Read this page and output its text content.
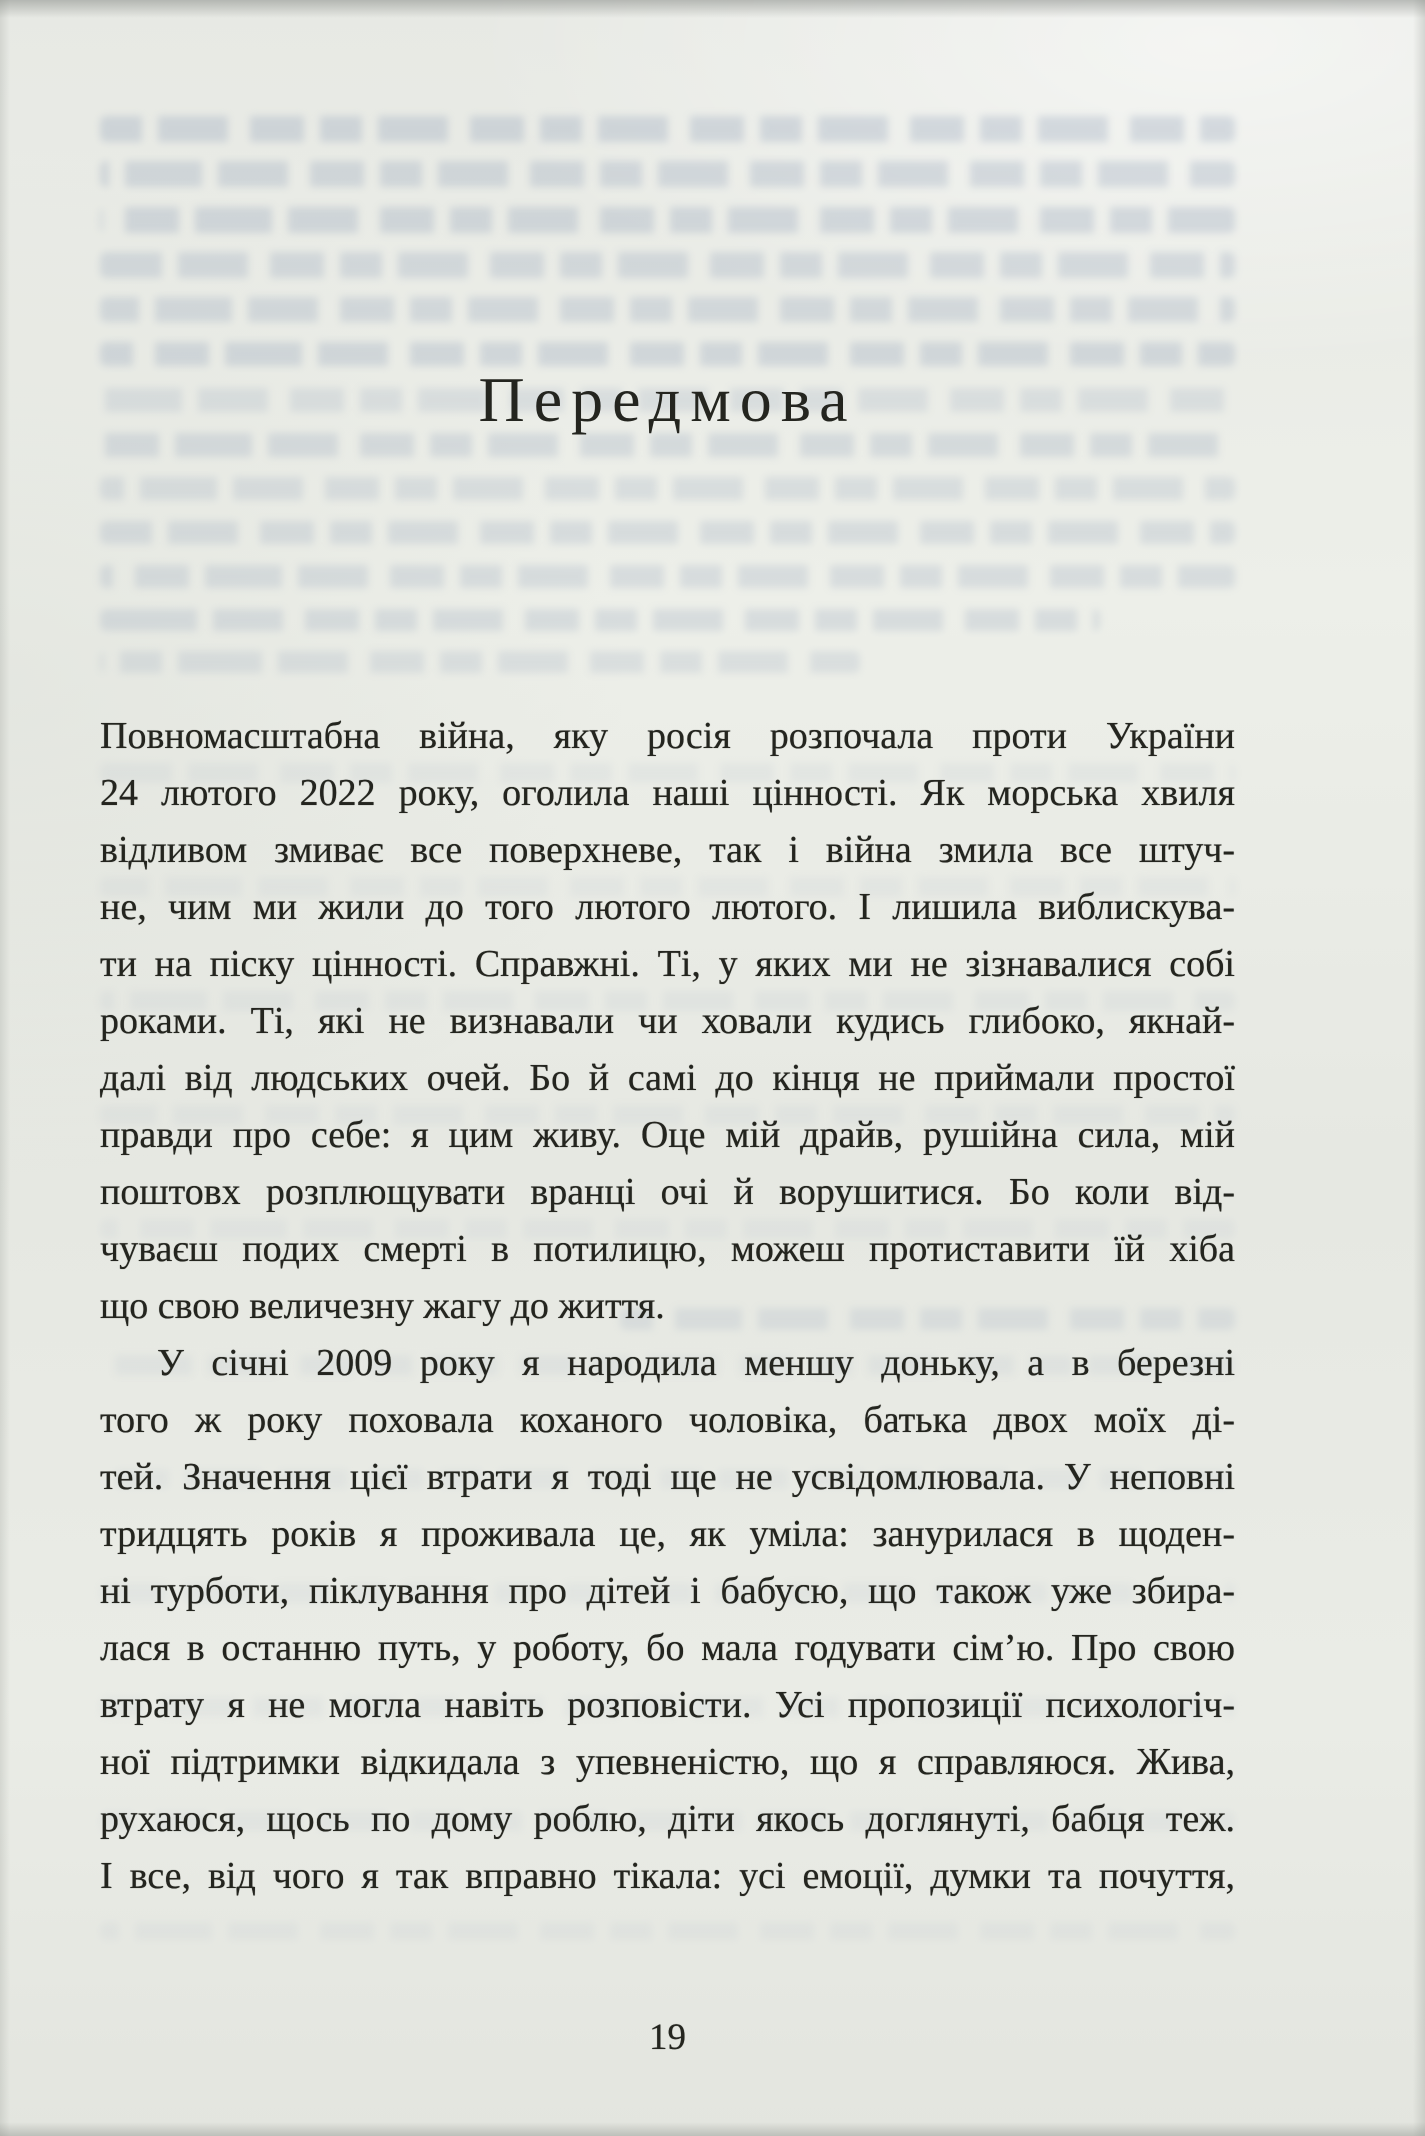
Передмова
Повномасштабна війна, яку росія розпочала проти України
24 лютого 2022 року, оголила наші цінності. Як морська хвиля
відливом змиває все поверхневе, так і війна змила все штуч-
не, чим ми жили до того лютого лютого. І лишила виблискува-
ти на піску цінності. Справжні. Ті, у яких ми не зізнавалися собі
роками. Ті, які не визнавали чи ховали кудись глибоко, якнай-
далі від людських очей. Бо й самі до кінця не приймали простої
правди про себе: я цим живу. Оце мій драйв, рушійна сила, мій
поштовх розплющувати вранці очі й ворушитися. Бо коли від-
чуваєш подих смерті в потилицю, можеш протиставити їй хіба
що свою величезну жагу до життя.
У січні 2009 року я народила меншу доньку, а в березні
того ж року поховала коханого чоловіка, батька двох моїх ді-
тей. Значення цієї втрати я тоді ще не усвідомлювала. У неповні
тридцять років я проживала це, як уміла: занурилася в щоден-
ні турботи, піклування про дітей і бабусю, що також уже збира-
лася в останню путь, у роботу, бо мала годувати сім’ю. Про свою
втрату я не могла навіть розповісти. Усі пропозиції психологіч-
ної підтримки відкидала з упевненістю, що я справляюся. Жива,
рухаюся, щось по дому роблю, діти якось доглянуті, бабця теж.
І все, від чого я так вправно тікала: усі емоції, думки та почуття,
19
